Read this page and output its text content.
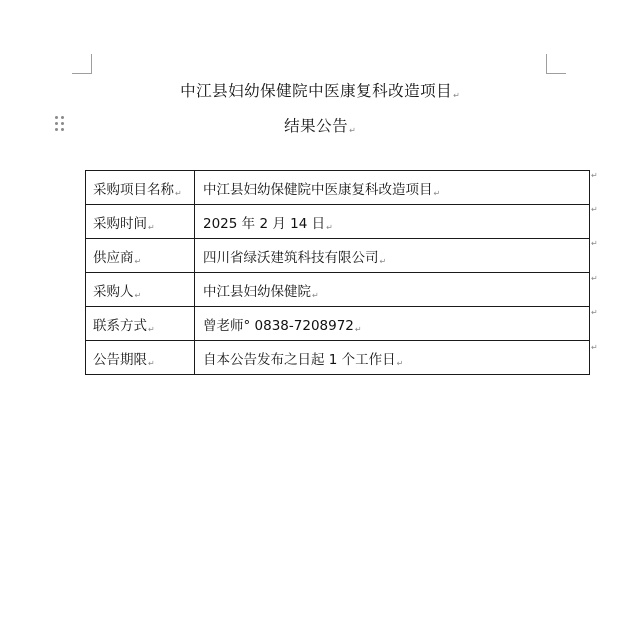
中江县妇幼保健院中医康复科改造项目↵
结果公告↵
采购项目名称↵	中江县妇幼保健院中医康复科改造项目↵
采购时间↵	2025 年 2 月 14 日↵
供应商↵	四川省绿沃建筑科技有限公司↵
采购人↵	中江县妇幼保健院↵
联系方式↵	曾老师° 0838-7208972↵
公告期限↵	自本公告发布之日起 1 个工作日↵
↵
↵
↵
↵
↵
↵
